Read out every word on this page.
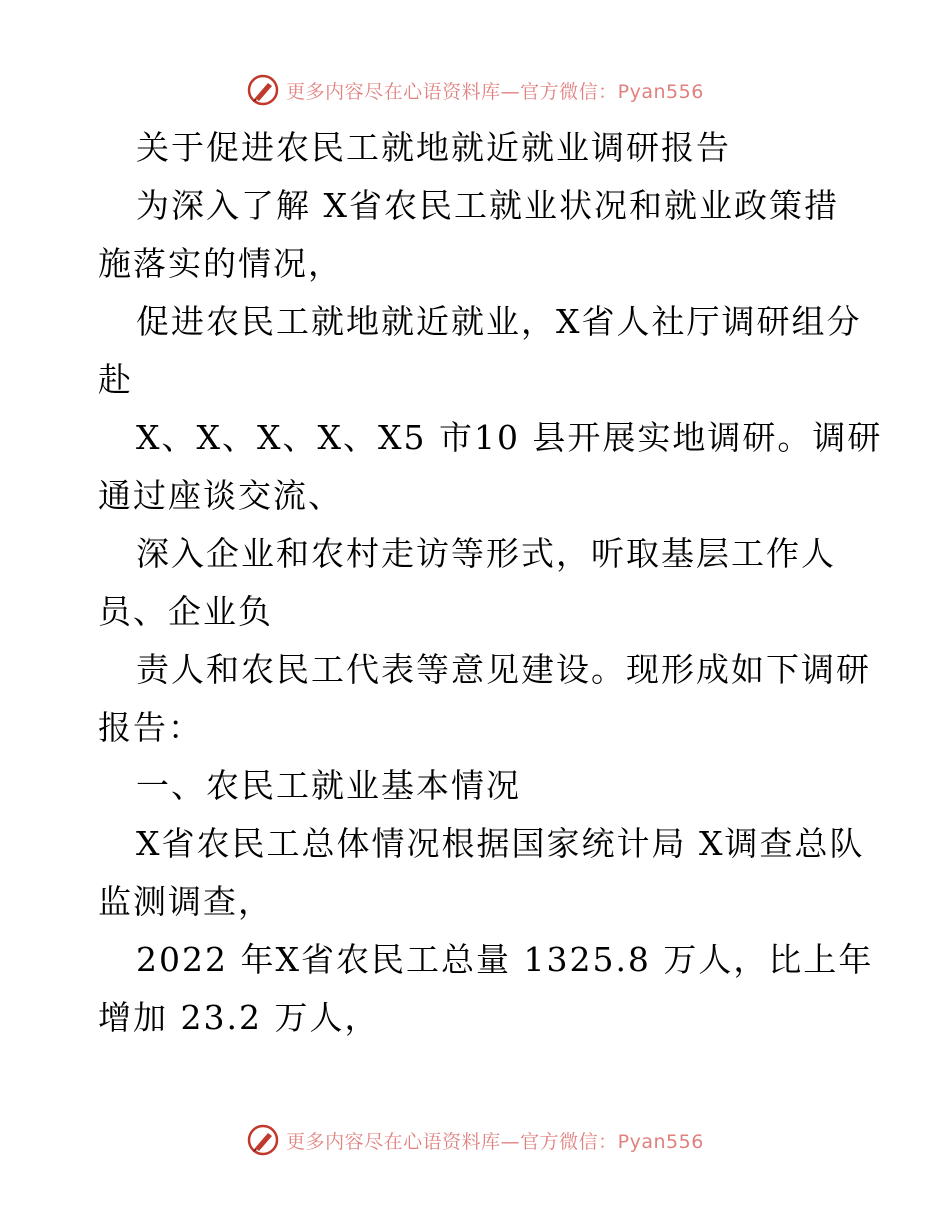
更多内容尽在心语资料库—官方微信：Pyan556
关于促进农民工就地就近就业调研报告
为深入了解 X省农民工就业状况和就业政策措
施落实的情况，
促进农民工就地就近就业，X省人社厅调研组分
赴
X、X、X、X、X5 市10 县开展实地调研。调研
通过座谈交流、
深入企业和农村走访等形式，听取基层工作人
员、企业负
责人和农民工代表等意见建设。现形成如下调研
报告：
一、农民工就业基本情况
X省农民工总体情况根据国家统计局 X调查总队
监测调查，
2022 年X省农民工总量 1325.8 万人，比上年
增加 23.2 万人，
更多内容尽在心语资料库—官方微信：Pyan556
